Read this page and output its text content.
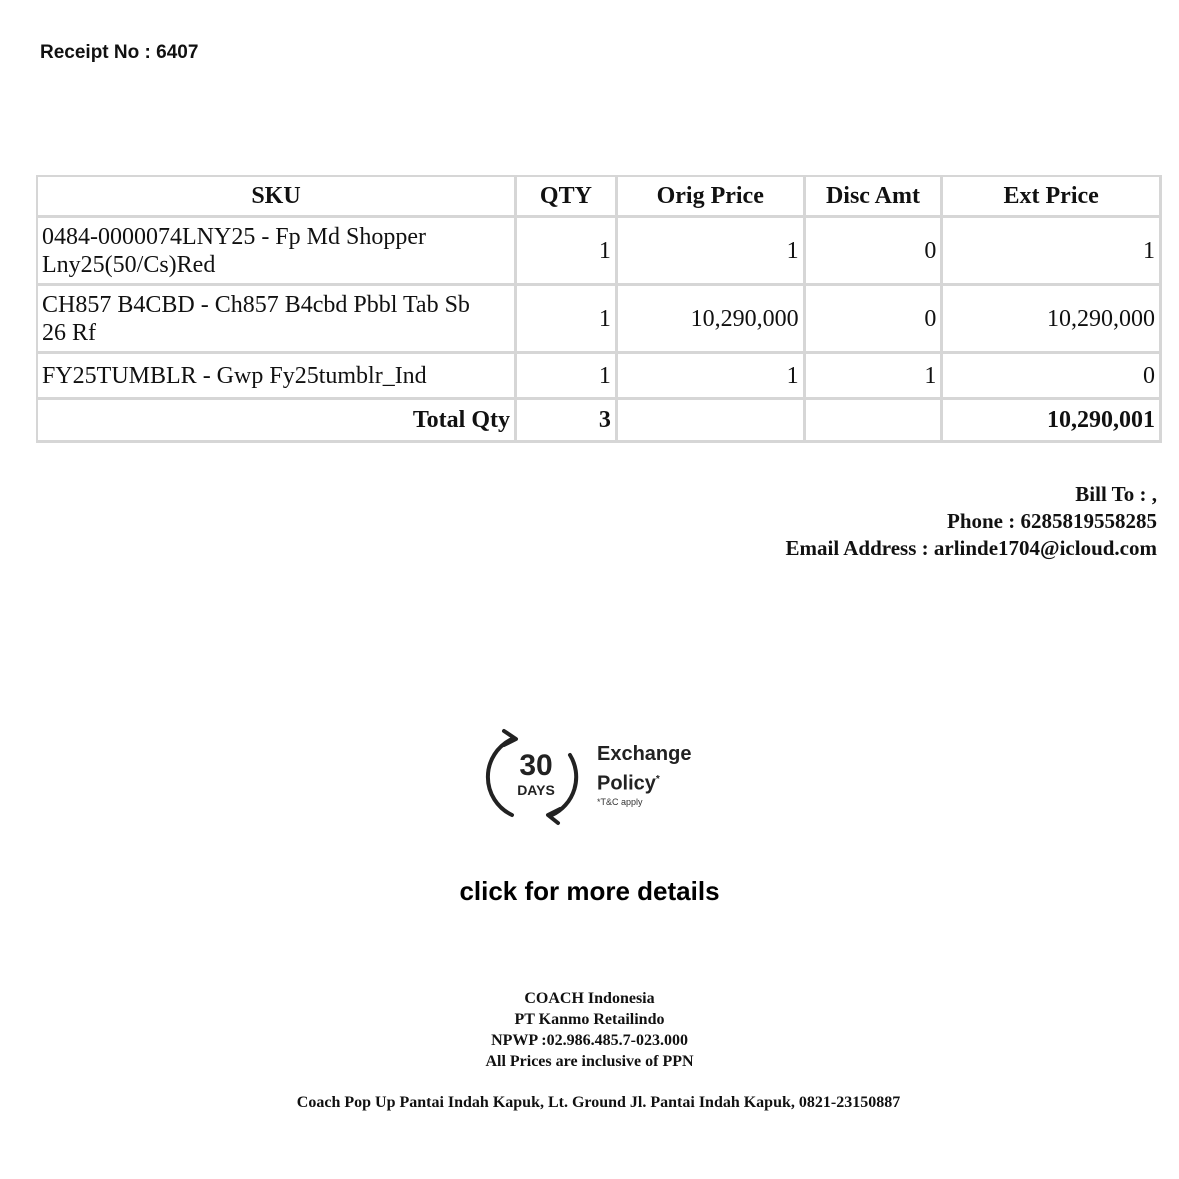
Receipt No : 6407
SKU	QTY	Orig Price	Disc Amt	Ext Price
0484-0000074LNY25 - Fp Md Shopper
Lny25(50/Cs)Red	1	1	0	1
CH857 B4CBD - Ch857 B4cbd Pbbl Tab Sb
26 Rf	1	10,290,000	0	10,290,000
FY25TUMBLR - Gwp Fy25tumblr_Ind	1	1	1	0
Total Qty	3			10,290,001
Bill To : ,
Phone : 6285819558285
Email Address : arlinde1704@icloud.com
30
DAYS
Exchange
Policy*
*T&C apply
click for more details
COACH Indonesia
PT Kanmo Retailindo
NPWP :02.986.485.7-023.000
All Prices are inclusive of PPN
Coach Pop Up Pantai Indah Kapuk, Lt. Ground Jl. Pantai Indah Kapuk, 0821-23150887
